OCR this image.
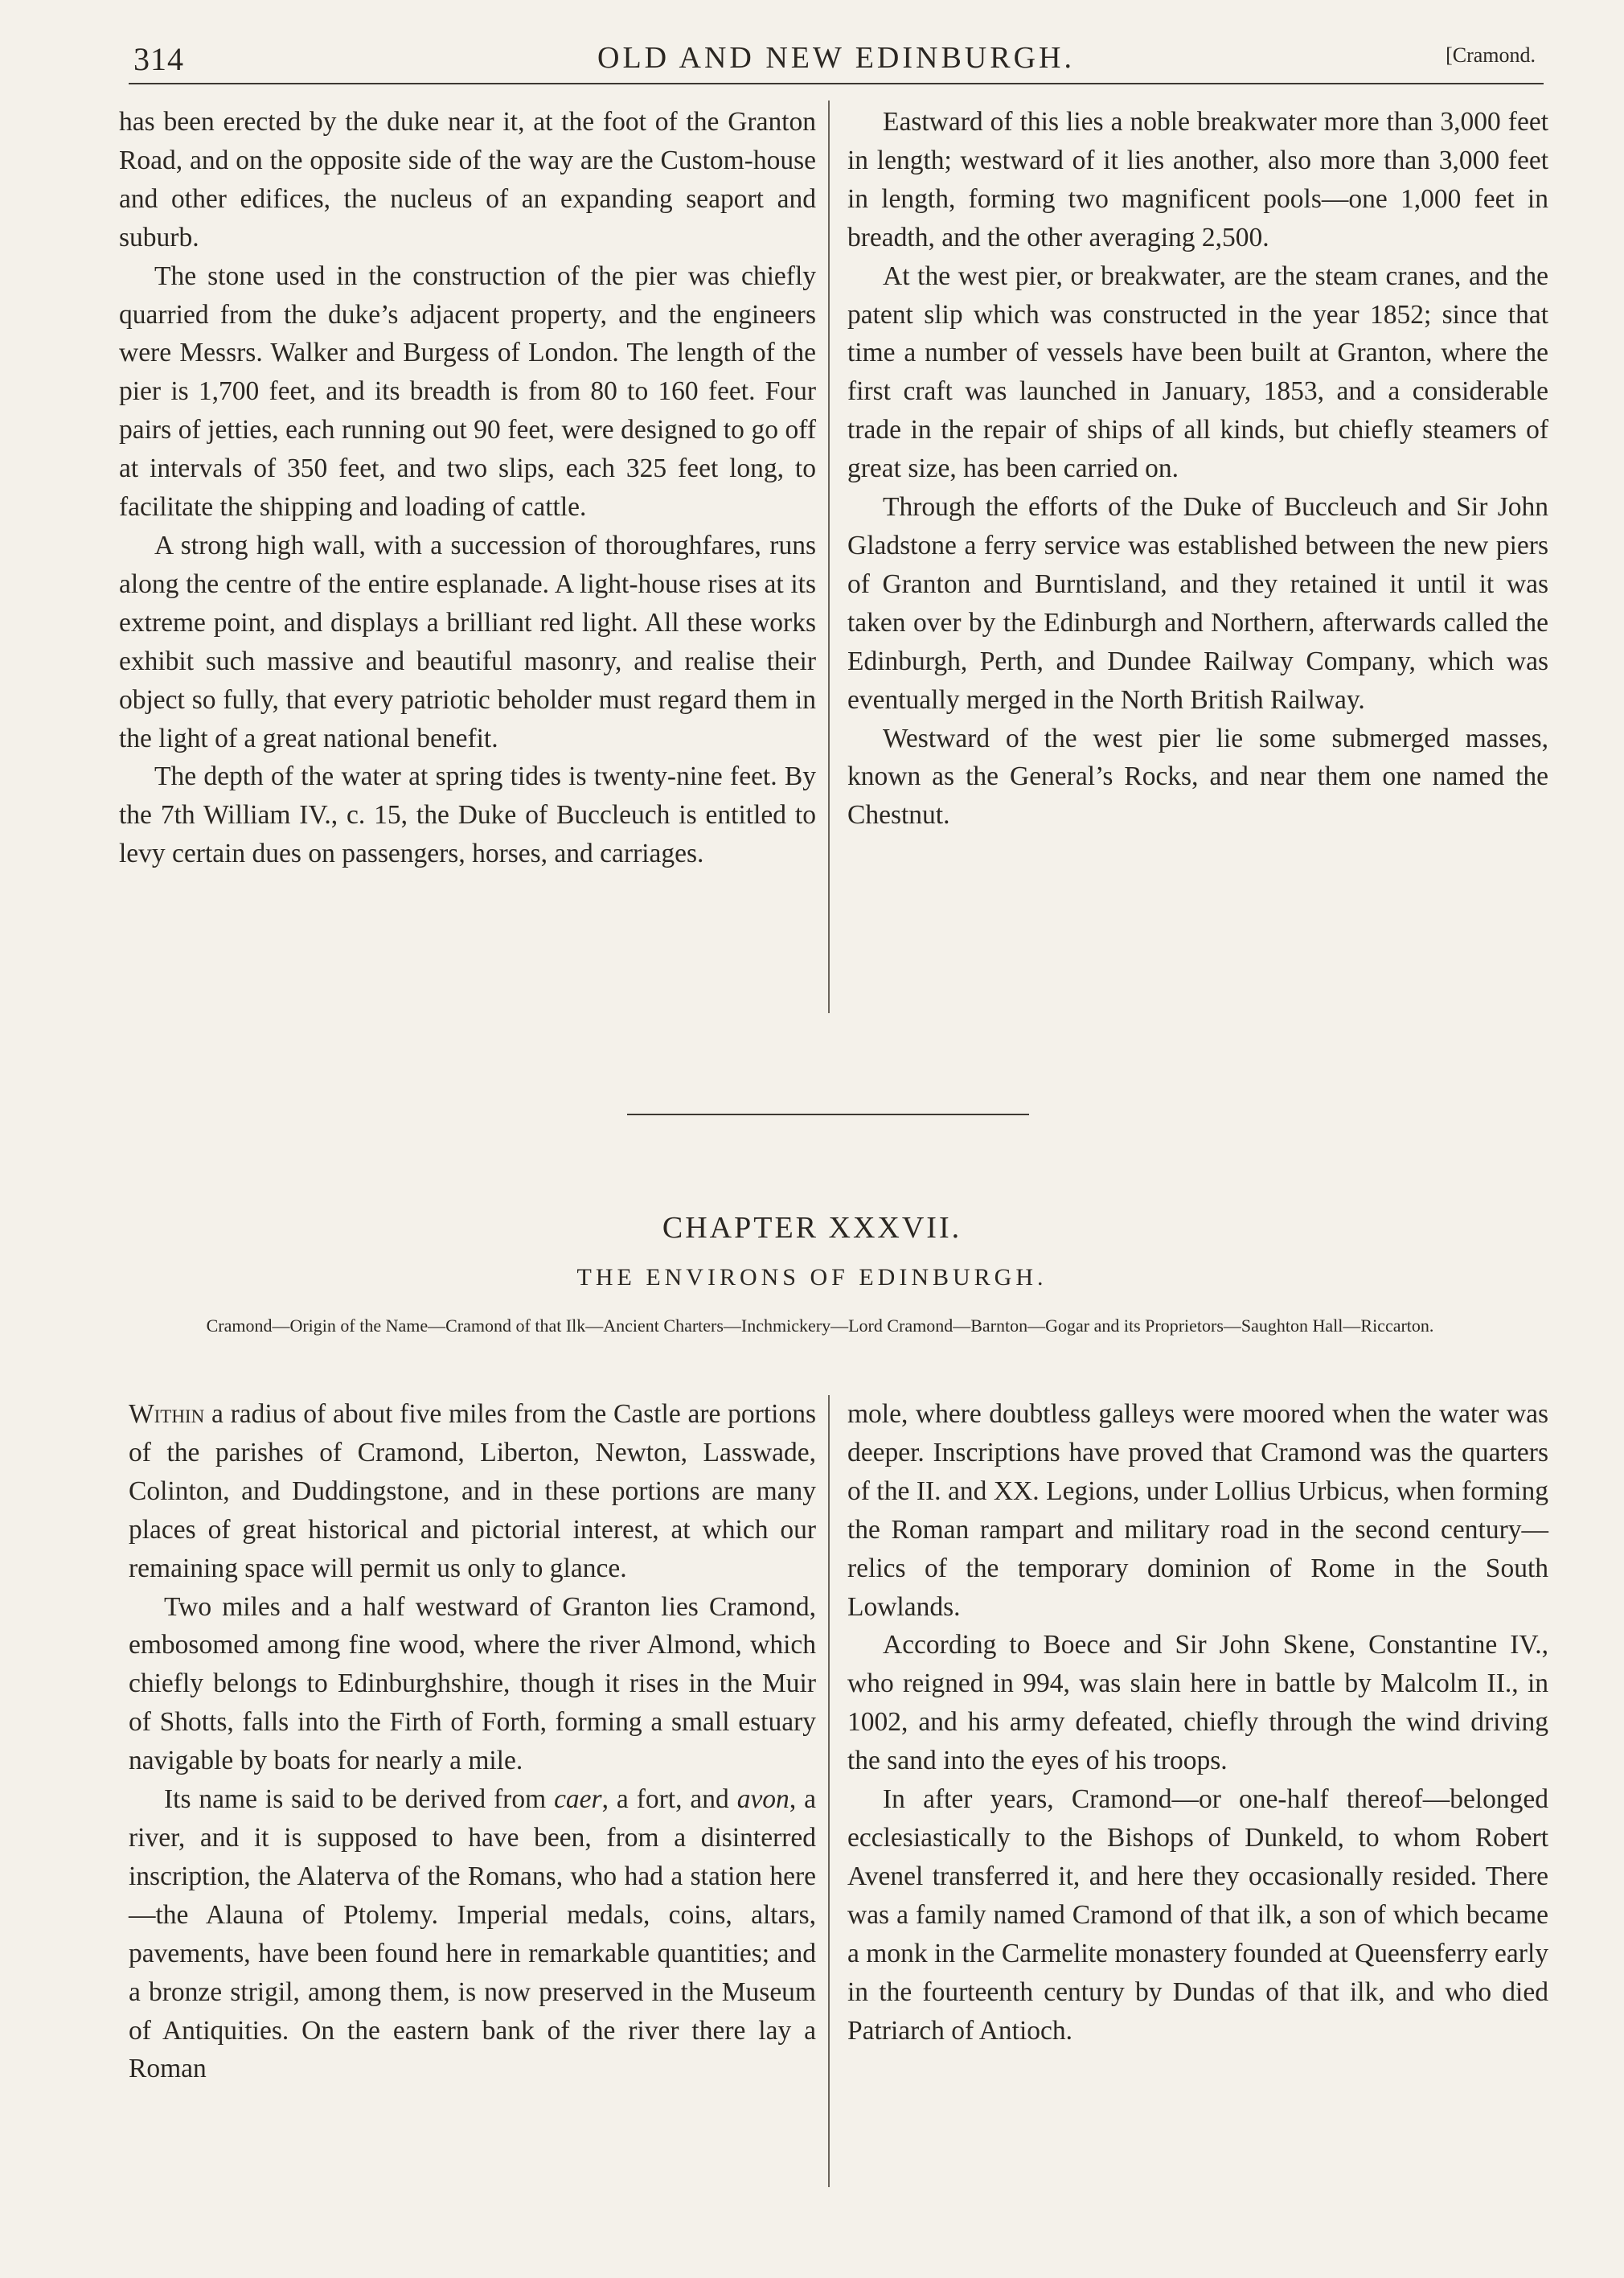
314	OLD AND NEW EDINBURGH.	[Cramond.

has been erected by the duke near it, at the foot of the Granton Road, and on the opposite side of the way are the Custom-house and other edifices, the nucleus of an expanding seaport and suburb.

The stone used in the construction of the pier was chiefly quarried from the duke’s adjacent property, and the engineers were Messrs. Walker and Burgess of London. The length of the pier is 1,700 feet, and its breadth is from 80 to 160 feet. Four pairs of jetties, each running out 90 feet, were designed to go off at intervals of 350 feet, and two slips, each 325 feet long, to facilitate the shipping and loading of cattle.

A strong high wall, with a succession of thoroughfares, runs along the centre of the entire esplanade. A light-house rises at its extreme point, and displays a brilliant red light. All these works exhibit such massive and beautiful masonry, and realise their object so fully, that every patriotic beholder must regard them in the light of a great national benefit.

The depth of the water at spring tides is twenty-nine feet. By the 7th William IV., c. 15, the Duke of Buccleuch is entitled to levy certain dues on passengers, horses, and carriages.

Eastward of this lies a noble breakwater more than 3,000 feet in length; westward of it lies another, also more than 3,000 feet in length, forming two magnificent pools—one 1,000 feet in breadth, and the other averaging 2,500.

At the west pier, or breakwater, are the steam cranes, and the patent slip which was constructed in the year 1852; since that time a number of vessels have been built at Granton, where the first craft was launched in January, 1853, and a considerable trade in the repair of ships of all kinds, but chiefly steamers of great size, has been carried on.

Through the efforts of the Duke of Buccleuch and Sir John Gladstone a ferry service was established between the new piers of Granton and Burntisland, and they retained it until it was taken over by the Edinburgh and Northern, afterwards called the Edinburgh, Perth, and Dundee Railway Company, which was eventually merged in the North British Railway.

Westward of the west pier lie some submerged masses, known as the General’s Rocks, and near them one named the Chestnut.

CHAPTER XXXVII.
THE ENVIRONS OF EDINBURGH.
Cramond—Origin of the Name—Cramond of that Ilk—Ancient Charters—Inchmickery—Lord Cramond—Barnton—Gogar and its Proprietors—Saughton Hall—Riccarton.

Within a radius of about five miles from the Castle are portions of the parishes of Cramond, Liberton, Newton, Lasswade, Colinton, and Duddingstone, and in these portions are many places of great historical and pictorial interest, at which our remaining space will permit us only to glance.

Two miles and a half westward of Granton lies Cramond, embosomed among fine wood, where the river Almond, which chiefly belongs to Edinburghshire, though it rises in the Muir of Shotts, falls into the Firth of Forth, forming a small estuary navigable by boats for nearly a mile.

Its name is said to be derived from caer, a fort, and avon, a river, and it is supposed to have been, from a disinterred inscription, the Alaterva of the Romans, who had a station here—the Alauna of Ptolemy. Imperial medals, coins, altars, pavements, have been found here in remarkable quantities; and a bronze strigil, among them, is now preserved in the Museum of Antiquities. On the eastern bank of the river there lay a Roman

mole, where doubtless galleys were moored when the water was deeper. Inscriptions have proved that Cramond was the quarters of the II. and XX. Legions, under Lollius Urbicus, when forming the Roman rampart and military road in the second century—relics of the temporary dominion of Rome in the South Lowlands.

According to Boece and Sir John Skene, Constantine IV., who reigned in 994, was slain here in battle by Malcolm II., in 1002, and his army defeated, chiefly through the wind driving the sand into the eyes of his troops.

In after years, Cramond—or one-half thereof—belonged ecclesiastically to the Bishops of Dunkeld, to whom Robert Avenel transferred it, and here they occasionally resided. There was a family named Cramond of that ilk, a son of which became a monk in the Carmelite monastery founded at Queensferry early in the fourteenth century by Dundas of that ilk, and who died Patriarch of Antioch.
